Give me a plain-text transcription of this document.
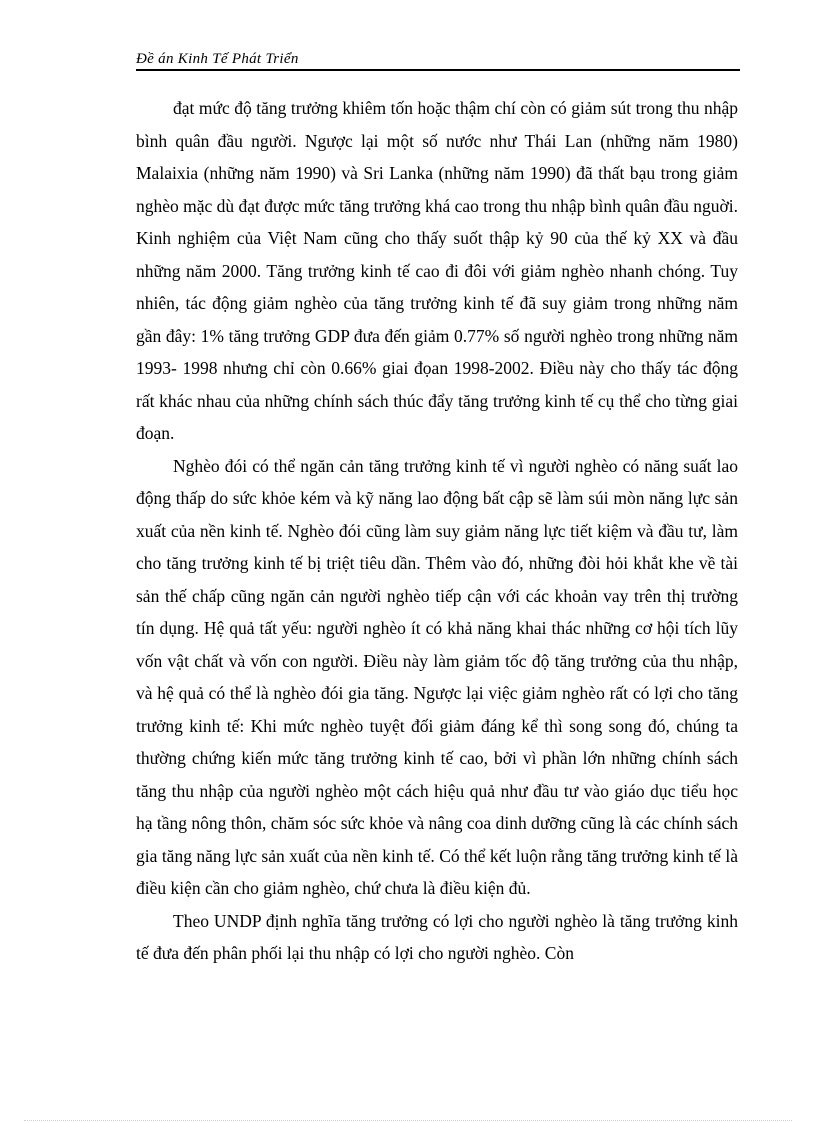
Đề án Kinh Tế Phát Triển

đạt mức độ tăng trưởng khiêm tốn hoặc thậm chí còn có giảm sút trong thu nhập bình quân đầu người. Ngược lại một số nước như Thái Lan (những năm 1980) Malaixia (những năm 1990) và Sri Lanka (những năm 1990) đã thất bạu trong giảm nghèo mặc dù đạt được mức tăng trưởng khá cao trong thu nhập bình quân đầu nguời. Kinh nghiệm của Việt Nam cũng cho thấy suốt thập kỷ 90 của thế kỷ XX và đầu những năm 2000. Tăng trưởng kinh tế cao đi đôi với giảm nghèo nhanh chóng. Tuy nhiên, tác động giảm nghèo của tăng trưởng kinh tế đã suy giảm trong những năm gần đây: 1% tăng trưởng GDP đưa đến giảm 0.77% số người nghèo trong những năm 1993- 1998 nhưng chỉ còn 0.66% giai đọan 1998-2002. Điều này cho thấy tác động rất khác nhau của những chính sách thúc đẩy tăng trưởng kinh tế cụ thể cho từng giai đoạn.

Nghèo đói có thể ngăn cản tăng trưởng kinh tế vì người nghèo có năng suất lao động thấp do sức khỏe kém và kỹ năng lao động bất cập sẽ làm súi mòn năng lực sản xuất của nền kinh tế. Nghèo đói cũng làm suy giảm năng lực tiết kiệm và đầu tư, làm cho tăng trưởng kinh tế bị triệt tiêu dần. Thêm vào đó, những đòi hỏi khắt khe về tài sản thế chấp cũng ngăn cản người nghèo tiếp cận với các khoản vay trên thị trường tín dụng. Hệ quả tất yếu: người nghèo ít có khả năng khai thác những cơ hội tích lũy vốn vật chất và vốn con người. Điều này làm giảm tốc độ tăng trưởng của thu nhập, và hệ quả có thể là nghèo đói gia tăng. Ngược lại việc giảm nghèo rất có lợi cho tăng trưởng kinh tế: Khi mức nghèo tuyệt đối giảm đáng kể thì song song đó, chúng ta thường chứng kiến mức tăng trưởng kinh tế cao, bởi vì phần lớn những chính sách tăng thu nhập của người nghèo một cách hiệu quả như đầu tư vào giáo dục tiểu học hạ tầng nông thôn, chăm sóc sức khỏe và nâng coa dinh dưỡng cũng là các chính sách gia tăng năng lực sản xuất của nền kinh tế. Có thể kết luộn rằng tăng trưởng kinh tế là điều kiện cần cho giảm nghèo, chứ chưa là điều kiện đủ.

Theo UNDP định nghĩa tăng trưởng có lợi cho người nghèo là tăng trưởng kinh tế đưa đến phân phối lại thu nhập có lợi cho người nghèo. Còn
